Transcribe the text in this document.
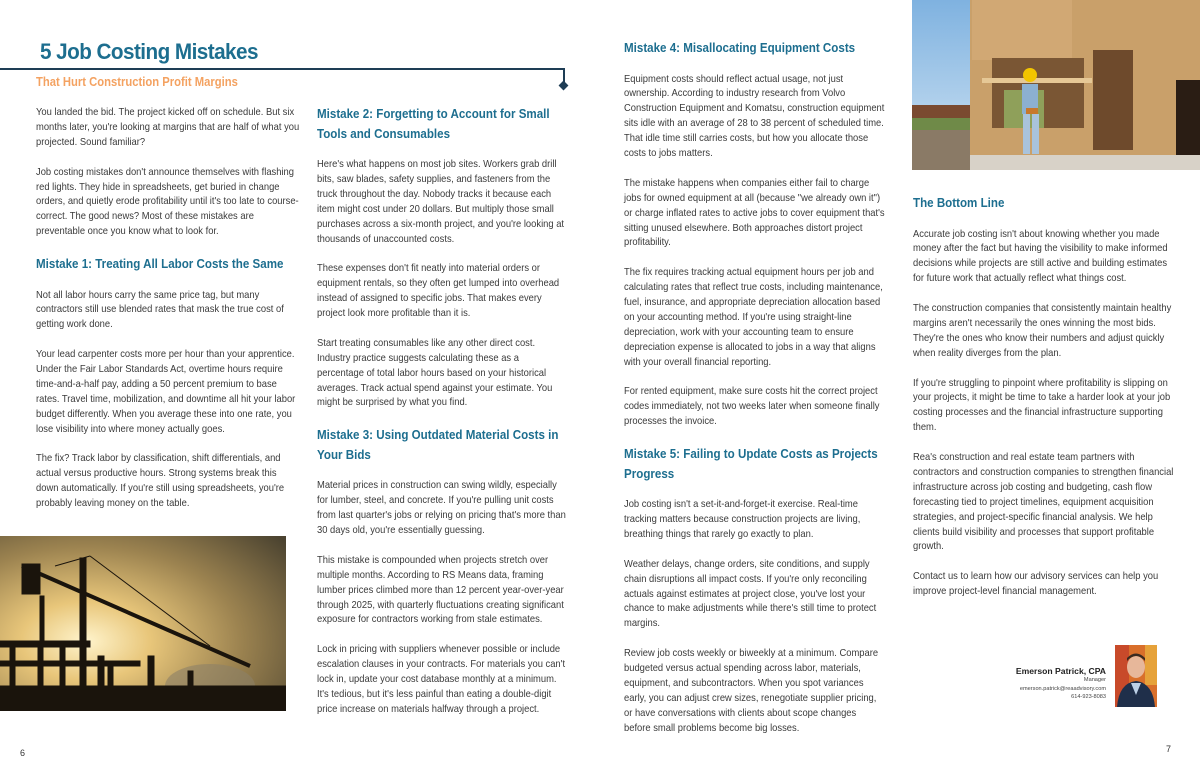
5 Job Costing Mistakes
That Hurt Construction Profit Margins

You landed the bid. The project kicked off on schedule. But six months later, you're looking at margins that are half of what you projected. Sound familiar?

Job costing mistakes don't announce themselves with flashing red lights. They hide in spreadsheets, get buried in change orders, and quietly erode profitability until it's too late to course-correct. The good news? Most of these mistakes are preventable once you know what to look for.

Mistake 1: Treating All Labor Costs the Same

Not all labor hours carry the same price tag, but many contractors still use blended rates that mask the true cost of getting work done.

Your lead carpenter costs more per hour than your apprentice. Under the Fair Labor Standards Act, overtime hours require time-and-a-half pay, adding a 50 percent premium to base rates. Travel time, mobilization, and downtime all hit your labor budget differently. When you average these into one rate, you lose visibility into where money actually goes.

The fix? Track labor by classification, shift differentials, and actual versus productive hours. Strong systems break this down automatically. If you're still using spreadsheets, you're probably leaving money on the table.

Mistake 2: Forgetting to Account for Small Tools and Consumables

Here's what happens on most job sites. Workers grab drill bits, saw blades, safety supplies, and fasteners from the truck throughout the day. Nobody tracks it because each item might cost under 20 dollars. But multiply those small purchases across a six-month project, and you're looking at thousands of unaccounted costs.

These expenses don't fit neatly into material orders or equipment rentals, so they often get lumped into overhead instead of assigned to specific jobs. That makes every project look more profitable than it is.

Start treating consumables like any other direct cost. Industry practice suggests calculating these as a percentage of total labor hours based on your historical averages. Track actual spend against your estimate. You might be surprised by what you find.

Mistake 3: Using Outdated Material Costs in Your Bids

Material prices in construction can swing wildly, especially for lumber, steel, and concrete. If you're pulling unit costs from last quarter's jobs or relying on pricing that's more than 30 days old, you're essentially guessing.

This mistake is compounded when projects stretch over multiple months. According to RS Means data, framing lumber prices climbed more than 12 percent year-over-year through 2025, with quarterly fluctuations creating significant exposure for contractors working from stale estimates.

Lock in pricing with suppliers whenever possible or include escalation clauses in your contracts. For materials you can't lock in, update your cost database monthly at a minimum. It's tedious, but it's less painful than eating a double-digit price increase on materials halfway through a project.

Mistake 4: Misallocating Equipment Costs

Equipment costs should reflect actual usage, not just ownership. According to industry research from Volvo Construction Equipment and Komatsu, construction equipment sits idle with an average of 28 to 38 percent of scheduled time. That idle time still carries costs, but how you allocate those costs to jobs matters.

The mistake happens when companies either fail to charge jobs for owned equipment at all (because "we already own it") or charge inflated rates to active jobs to cover equipment that's sitting unused elsewhere. Both approaches distort project profitability.

The fix requires tracking actual equipment hours per job and calculating rates that reflect true costs, including maintenance, fuel, insurance, and appropriate depreciation allocation based on your accounting method. If you're using straight-line depreciation, work with your accounting team to ensure depreciation expense is allocated to jobs in a way that aligns with your overall financial reporting.

For rented equipment, make sure costs hit the correct project codes immediately, not two weeks later when someone finally processes the invoice.

Mistake 5: Failing to Update Costs as Projects Progress

Job costing isn't a set-it-and-forget-it exercise. Real-time tracking matters because construction projects are living, breathing things that rarely go exactly to plan.

Weather delays, change orders, site conditions, and supply chain disruptions all impact costs. If you're only reconciling actuals against estimates at project close, you've lost your chance to make adjustments while there's still time to protect margins.

Review job costs weekly or biweekly at a minimum. Compare budgeted versus actual spending across labor, materials, equipment, and subcontractors. When you spot variances early, you can adjust crew sizes, renegotiate supplier pricing, or have conversations with clients about scope changes before small problems become big losses.

The Bottom Line

Accurate job costing isn't about knowing whether you made money after the fact but having the visibility to make informed decisions while projects are still active and building estimates for future work that actually reflect what things cost.

The construction companies that consistently maintain healthy margins aren't necessarily the ones winning the most bids. They're the ones who know their numbers and adjust quickly when reality diverges from the plan.

If you're struggling to pinpoint where profitability is slipping on your projects, it might be time to take a harder look at your job costing processes and the financial infrastructure supporting them.

Rea's construction and real estate team partners with contractors and construction companies to strengthen financial infrastructure across job costing and budgeting, cash flow forecasting tied to project timelines, equipment acquisition strategies, and project-specific financial analysis. We help clients build visibility and processes that support profitable growth.

Contact us to learn how our advisory services can help you improve project-level financial management.

Emerson Patrick, CPA
Manager
emerson.patrick@reaadvisory.com
614-923-8083
6	7
